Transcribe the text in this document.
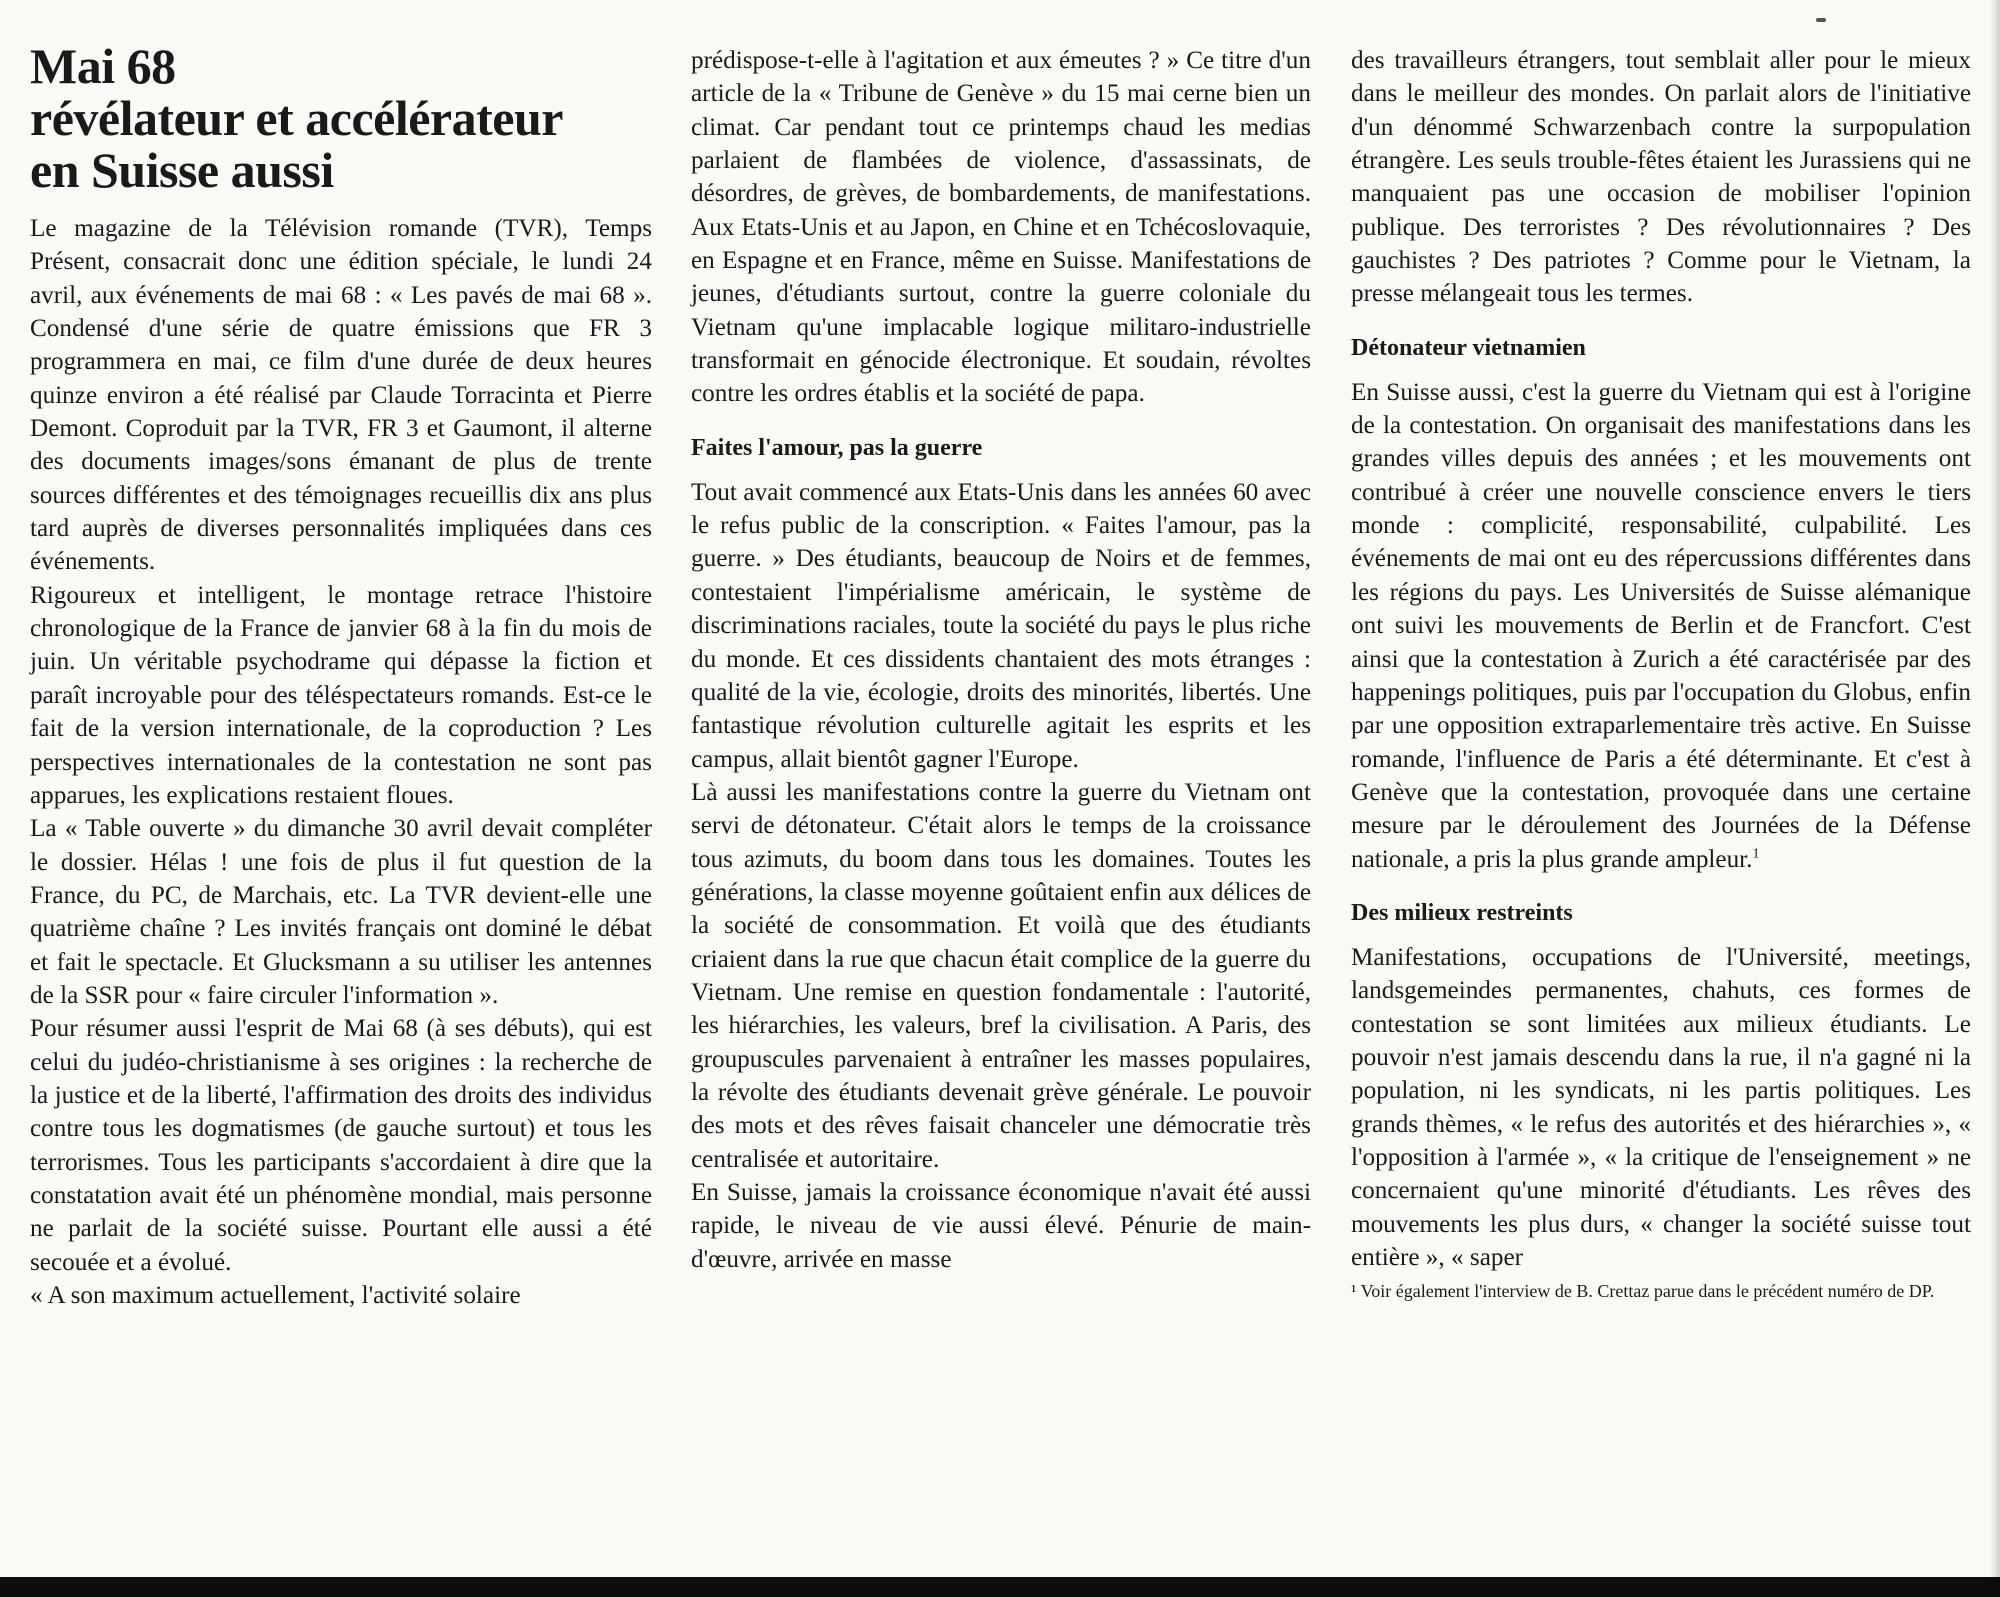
Mai 68
révélateur et accélérateur
en Suisse aussi

Le magazine de la Télévision romande (TVR), Temps Présent, consacrait donc une édition spéciale, le lundi 24 avril, aux événements de mai 68 : « Les pavés de mai 68 ». Condensé d'une série de quatre émissions que FR 3 programmera en mai, ce film d'une durée de deux heures quinze environ a été réalisé par Claude Torracinta et Pierre Demont. Coproduit par la TVR, FR 3 et Gaumont, il alterne des documents images/sons émanant de plus de trente sources différentes et des témoignages recueillis dix ans plus tard auprès de diverses personnalités impliquées dans ces événements.

Rigoureux et intelligent, le montage retrace l'histoire chronologique de la France de janvier 68 à la fin du mois de juin. Un véritable psychodrame qui dépasse la fiction et paraît incroyable pour des téléspectateurs romands. Est-ce le fait de la version internationale, de la coproduction ? Les perspectives internationales de la contestation ne sont pas apparues, les explications restaient floues.

La « Table ouverte » du dimanche 30 avril devait compléter le dossier. Hélas ! une fois de plus il fut question de la France, du PC, de Marchais, etc. La TVR devient-elle une quatrième chaîne ? Les invités français ont dominé le débat et fait le spectacle. Et Glucksmann a su utiliser les antennes de la SSR pour « faire circuler l'information ».

Pour résumer aussi l'esprit de Mai 68 (à ses débuts), qui est celui du judéo-christianisme à ses origines : la recherche de la justice et de la liberté, l'affirmation des droits des individus contre tous les dogmatismes (de gauche surtout) et tous les terrorismes. Tous les participants s'accordaient à dire que la constatation avait été un phénomène mondial, mais personne ne parlait de la société suisse. Pourtant elle aussi a été secouée et a évolué.

« A son maximum actuellement, l'activité solaire

prédispose-t-elle à l'agitation et aux émeutes ? » Ce titre d'un article de la « Tribune de Genève » du 15 mai cerne bien un climat. Car pendant tout ce printemps chaud les medias parlaient de flambées de violence, d'assassinats, de désordres, de grèves, de bombardements, de manifestations. Aux Etats-Unis et au Japon, en Chine et en Tchécoslovaquie, en Espagne et en France, même en Suisse. Manifestations de jeunes, d'étudiants surtout, contre la guerre coloniale du Vietnam qu'une implacable logique militaro-industrielle transformait en génocide électronique. Et soudain, révoltes contre les ordres établis et la société de papa.

Faites l'amour, pas la guerre

Tout avait commencé aux Etats-Unis dans les années 60 avec le refus public de la conscription. « Faites l'amour, pas la guerre. » Des étudiants, beaucoup de Noirs et de femmes, contestaient l'impérialisme américain, le système de discriminations raciales, toute la société du pays le plus riche du monde. Et ces dissidents chantaient des mots étranges : qualité de la vie, écologie, droits des minorités, libertés. Une fantastique révolution culturelle agitait les esprits et les campus, allait bientôt gagner l'Europe.

Là aussi les manifestations contre la guerre du Vietnam ont servi de détonateur. C'était alors le temps de la croissance tous azimuts, du boom dans tous les domaines. Toutes les générations, la classe moyenne goûtaient enfin aux délices de la société de consommation. Et voilà que des étudiants criaient dans la rue que chacun était complice de la guerre du Vietnam. Une remise en question fondamentale : l'autorité, les hiérarchies, les valeurs, bref la civilisation. A Paris, des groupuscules parvenaient à entraîner les masses populaires, la révolte des étudiants devenait grève générale. Le pouvoir des mots et des rêves faisait chanceler une démocratie très centralisée et autoritaire.

En Suisse, jamais la croissance économique n'avait été aussi rapide, le niveau de vie aussi élevé. Pénurie de main-d'œuvre, arrivée en masse

des travailleurs étrangers, tout semblait aller pour le mieux dans le meilleur des mondes. On parlait alors de l'initiative d'un dénommé Schwarzenbach contre la surpopulation étrangère. Les seuls trouble-fêtes étaient les Jurassiens qui ne manquaient pas une occasion de mobiliser l'opinion publique. Des terroristes ? Des révolutionnaires ? Des gauchistes ? Des patriotes ? Comme pour le Vietnam, la presse mélangeait tous les termes.

Détonateur vietnamien

En Suisse aussi, c'est la guerre du Vietnam qui est à l'origine de la contestation. On organisait des manifestations dans les grandes villes depuis des années ; et les mouvements ont contribué à créer une nouvelle conscience envers le tiers monde : complicité, responsabilité, culpabilité. Les événements de mai ont eu des répercussions différentes dans les régions du pays. Les Universités de Suisse alémanique ont suivi les mouvements de Berlin et de Francfort. C'est ainsi que la contestation à Zurich a été caractérisée par des happenings politiques, puis par l'occupation du Globus, enfin par une opposition extraparlementaire très active. En Suisse romande, l'influence de Paris a été déterminante. Et c'est à Genève que la contestation, provoquée dans une certaine mesure par le déroulement des Journées de la Défense nationale, a pris la plus grande ampleur.$^1$

Des milieux restreints

Manifestations, occupations de l'Université, meetings, landsgemeindes permanentes, chahuts, ces formes de contestation se sont limitées aux milieux étudiants. Le pouvoir n'est jamais descendu dans la rue, il n'a gagné ni la population, ni les syndicats, ni les partis politiques. Les grands thèmes, « le refus des autorités et des hiérarchies », « l'opposition à l'armée », « la critique de l'enseignement » ne concernaient qu'une minorité d'étudiants. Les rêves des mouvements les plus durs, « changer la société suisse tout entière », « saper

¹ Voir également l'interview de B. Crettaz parue dans le précédent numéro de DP.
